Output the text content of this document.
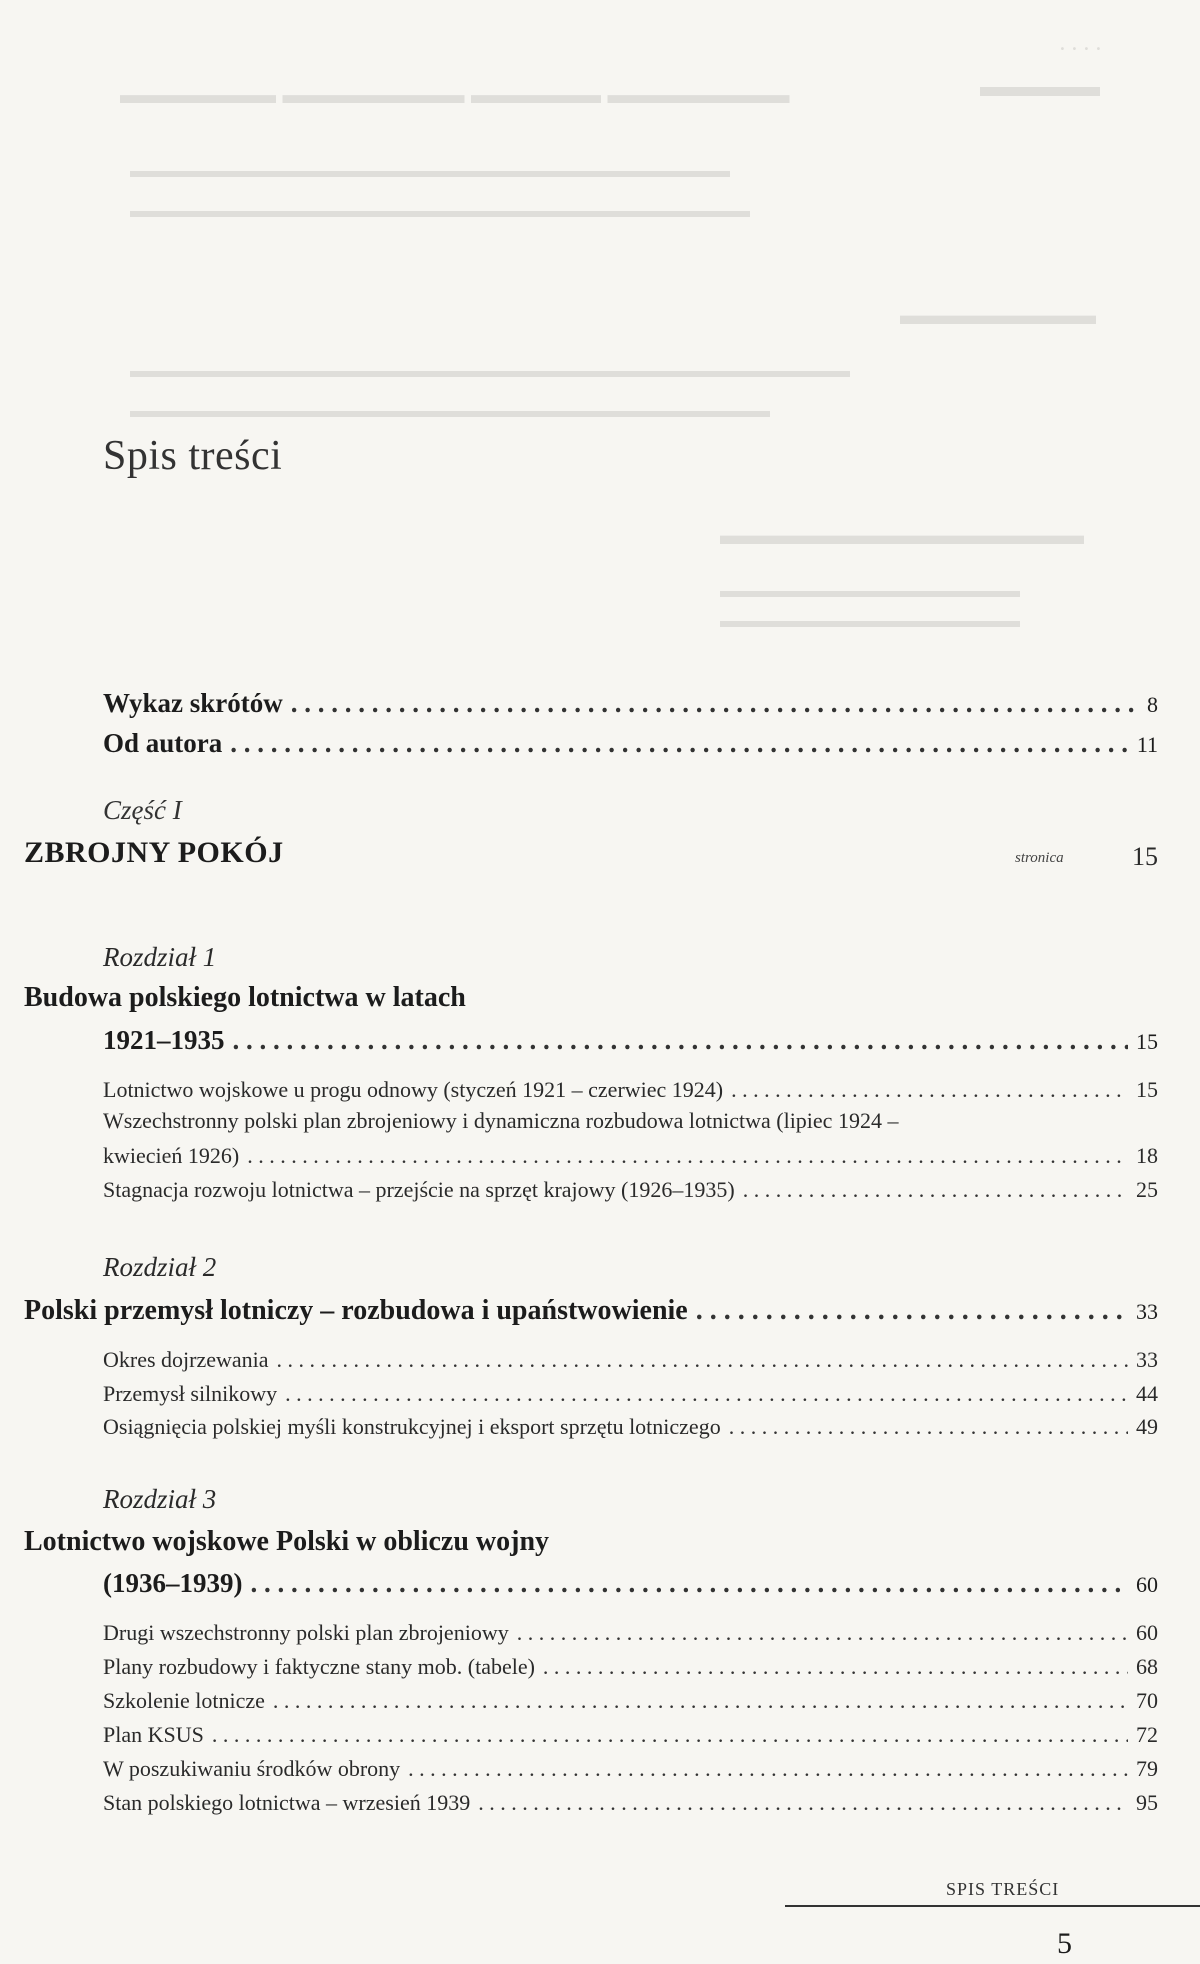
. . . .
▬▬▬▬
▬▬▬▬▬▬ ▬▬▬▬▬▬▬ ▬▬▬▬▬ ▬▬▬▬▬▬▬
▬▬▬▬▬▬▬▬▬▬▬▬▬▬▬▬▬▬▬▬▬▬▬▬▬▬▬▬▬▬
▬▬▬▬▬▬▬▬▬▬▬▬▬▬▬▬▬▬▬▬▬▬▬▬▬▬▬▬▬▬▬
▬▬▬▬▬▬▬
▬▬▬▬▬▬▬▬▬▬▬▬▬▬▬▬▬▬▬▬▬▬▬▬▬▬▬▬▬▬▬▬▬▬▬▬
▬▬▬▬▬▬▬▬▬▬▬▬▬▬▬▬▬▬▬▬▬▬▬▬▬▬▬▬▬▬▬▬
▬▬▬▬▬▬▬▬▬▬▬▬▬
▬▬▬▬▬▬▬▬▬▬▬▬▬▬▬
▬▬▬▬▬▬▬▬▬▬▬▬▬▬▬
Spis treści
Wykaz skrótów . . .	8
Od autora . . .	11
Część I
ZBROJNY POKÓJ	stronica	15
Rozdział 1
Budowa polskiego lotnictwa w latach
1921–1935 . . .	15
Lotnictwo wojskowe u progu odnowy (styczeń 1921 – czerwiec 1924) . . .	15
Wszechstronny polski plan zbrojeniowy i dynamiczna rozbudowa lotnictwa (lipiec 1924 –
kwiecień 1926) . . .	18
Stagnacja rozwoju lotnictwa – przejście na sprzęt krajowy (1926–1935) . . .	25
Rozdział 2
Polski przemysł lotniczy – rozbudowa i upaństwowienie . . .	33
Okres dojrzewania . . .	33
Przemysł silnikowy . . .	44
Osiągnięcia polskiej myśli konstrukcyjnej i eksport sprzętu lotniczego . . .	49
Rozdział 3
Lotnictwo wojskowe Polski w obliczu wojny
(1936–1939) . . .	60
Drugi wszechstronny polski plan zbrojeniowy . . .	60
Plany rozbudowy i faktyczne stany mob. (tabele) . . .	68
Szkolenie lotnicze . . .	70
Plan KSUS . . .	72
W poszukiwaniu środków obrony . . .	79
Stan polskiego lotnictwa – wrzesień 1939 . . .	95
SPIS TREŚCI
5
